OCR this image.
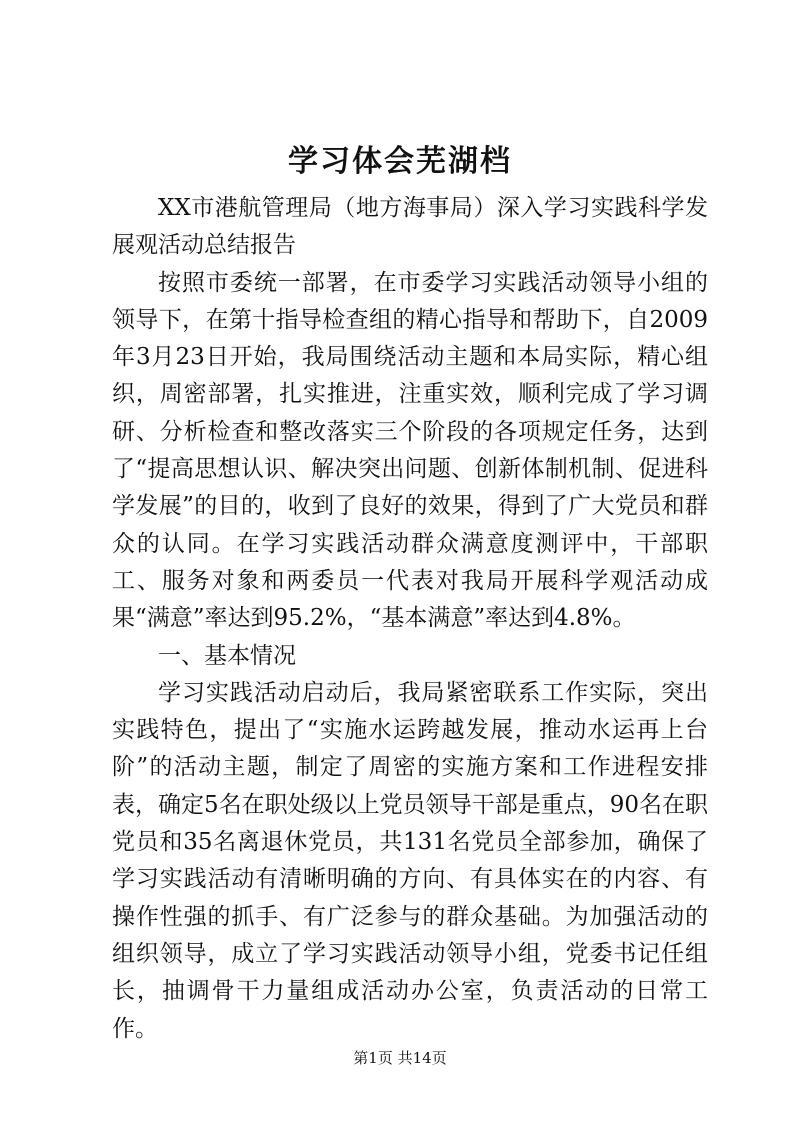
学习体会芜湖档

XX市港航管理局（地方海事局）深入学习实践科学发展观活动总结报告

按照市委统一部署，在市委学习实践活动领导小组的领导下，在第十指导检查组的精心指导和帮助下，自2009年3月23日开始，我局围绕活动主题和本局实际，精心组织，周密部署，扎实推进，注重实效，顺利完成了学习调研、分析检查和整改落实三个阶段的各项规定任务，达到了“提高思想认识、解决突出问题、创新体制机制、促进科学发展”的目的，收到了良好的效果，得到了广大党员和群众的认同。在学习实践活动群众满意度测评中，干部职工、服务对象和两委员一代表对我局开展科学观活动成果“满意”率达到95.2%，“基本满意”率达到4.8%。

一、基本情况

学习实践活动启动后，我局紧密联系工作实际，突出实践特色，提出了“实施水运跨越发展，推动水运再上台阶”的活动主题，制定了周密的实施方案和工作进程安排表，确定5名在职处级以上党员领导干部是重点，90名在职党员和35名离退休党员，共131名党员全部参加，确保了学习实践活动有清晰明确的方向、有具体实在的内容、有操作性强的抓手、有广泛参与的群众基础。为加强活动的组织领导，成立了学习实践活动领导小组，党委书记任组长，抽调骨干力量组成活动办公室，负责活动的日常工作。

第1页 共14页
